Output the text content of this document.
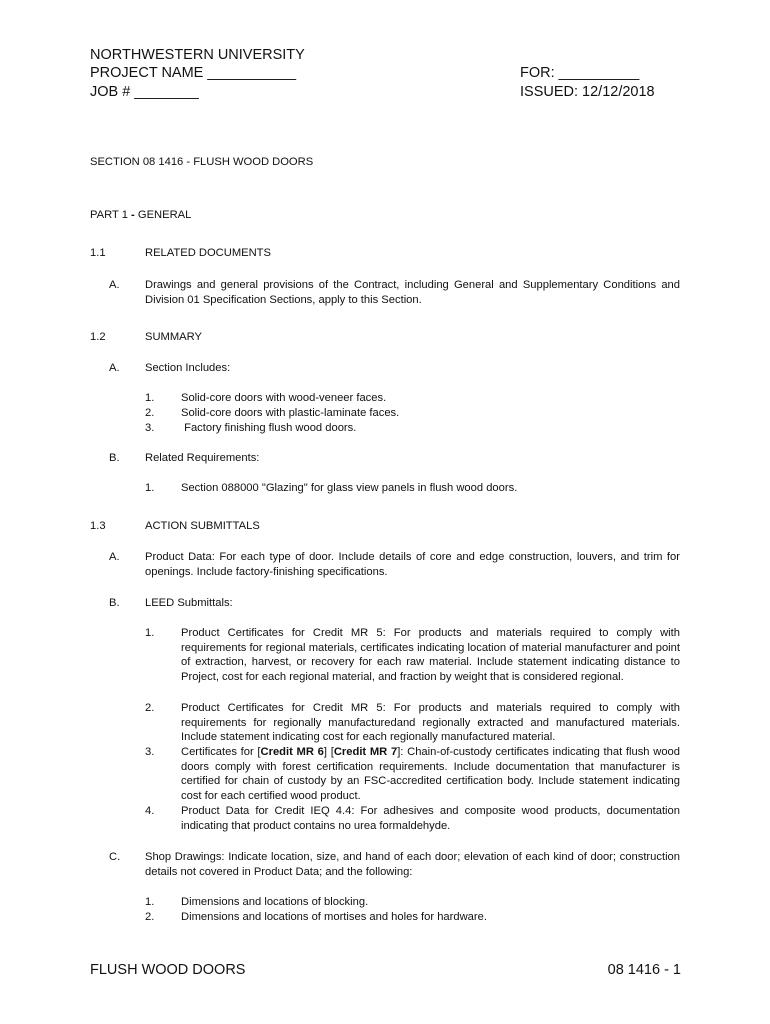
NORTHWESTERN UNIVERSITY
PROJECT NAME ___________
JOB # ________
FOR: __________
ISSUED: 12/12/2018
SECTION 08 1416 - FLUSH WOOD DOORS
PART 1 - GENERAL
1.1	RELATED DOCUMENTS
A. Drawings and general provisions of the Contract, including General and Supplementary Conditions and Division 01 Specification Sections, apply to this Section.
1.2	SUMMARY
A. Section Includes:
1. Solid-core doors with wood-veneer faces.
2. Solid-core doors with plastic-laminate faces.
3. Factory finishing flush wood doors.
B. Related Requirements:
1. Section 088000 "Glazing" for glass view panels in flush wood doors.
1.3	ACTION SUBMITTALS
A. Product Data: For each type of door. Include details of core and edge construction, louvers, and trim for openings. Include factory-finishing specifications.
B. LEED Submittals:
1. Product Certificates for Credit MR 5: For products and materials required to comply with requirements for regional materials, certificates indicating location of material manufacturer and point of extraction, harvest, or recovery for each raw material. Include statement indicating distance to Project, cost for each regional material, and fraction by weight that is considered regional.
2. Product Certificates for Credit MR 5: For products and materials required to comply with requirements for regionally manufacturedand regionally extracted and manufactured materials. Include statement indicating cost for each regionally manufactured material.
3. Certificates for [Credit MR 6] [Credit MR 7]: Chain-of-custody certificates indicating that flush wood doors comply with forest certification requirements. Include documentation that manufacturer is certified for chain of custody by an FSC-accredited certification body. Include statement indicating cost for each certified wood product.
4. Product Data for Credit IEQ 4.4: For adhesives and composite wood products, documentation indicating that product contains no urea formaldehyde.
C. Shop Drawings: Indicate location, size, and hand of each door; elevation of each kind of door; construction details not covered in Product Data; and the following:
1. Dimensions and locations of blocking.
2. Dimensions and locations of mortises and holes for hardware.
FLUSH WOOD DOORS	08 1416 - 1
